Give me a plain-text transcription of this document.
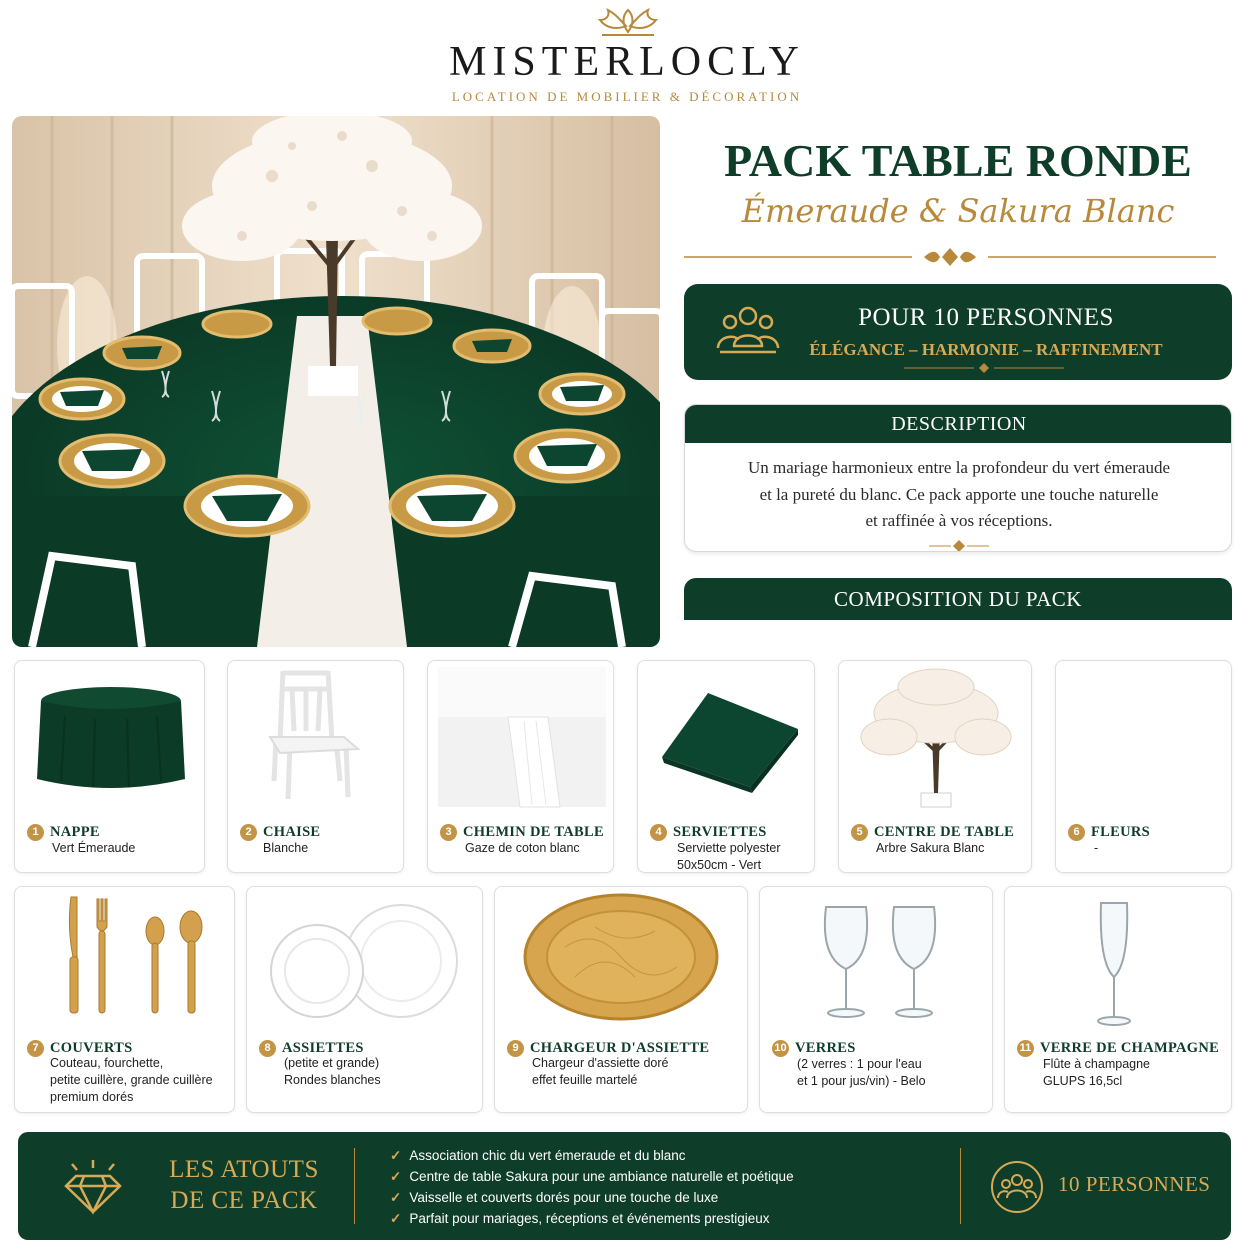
MISTERLOCLY
LOCATION DE MOBILIER & DÉCORATION
PACK TABLE RONDE
Émeraude & Sakura Blanc
POUR 10 PERSONNES
ÉLÉGANCE – HARMONIE – RAFFINEMENT
DESCRIPTION
Un mariage harmonieux entre la profondeur du vert émeraude
et la pureté du blanc. Ce pack apporte une touche naturelle
et raffinée à vos réceptions.
COMPOSITION DU PACK
1 NAPPE
Vert Émeraude
2 CHAISE
Blanche
3 CHEMIN DE TABLE
Gaze de coton blanc
4 SERVIETTES
Serviette polyester
50x50cm - Vert
5 CENTRE DE TABLE
Arbre Sakura Blanc
6 FLEURS
-
7 COUVERTS
Couteau, fourchette,
petite cuillère, grande cuillère
premium dorés
8 ASSIETTES
(petite et grande)
Rondes blanches
9 CHARGEUR D'ASSIETTE
Chargeur d'assiette doré
effet feuille martelé
10 VERRES
(2 verres : 1 pour l'eau
et 1 pour jus/vin) - Belo
11 VERRE DE CHAMPAGNE
Flûte à champagne
GLUPS 16,5cl
LES ATOUTS
DE CE PACK
✓ Association chic du vert émeraude et du blanc
✓ Centre de table Sakura pour une ambiance naturelle et poétique
✓ Vaisselle et couverts dorés pour une touche de luxe
✓ Parfait pour mariages, réceptions et événements prestigieux
10 PERSONNES
